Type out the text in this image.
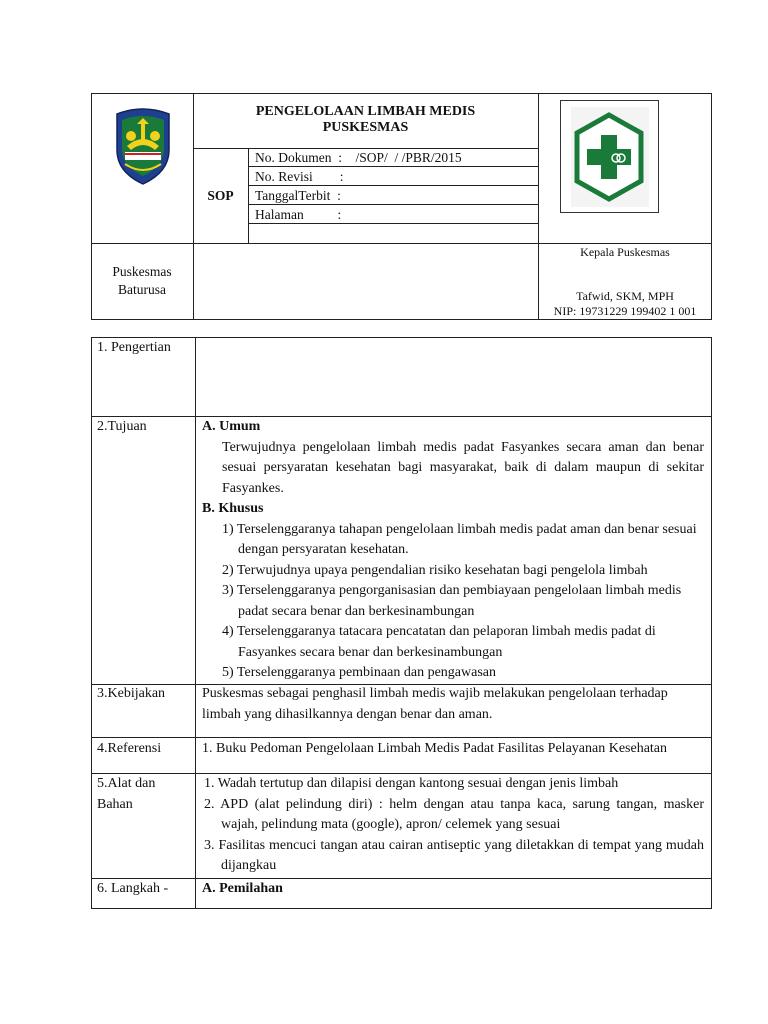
PENGELOLAAN LIMBAH MEDIS
PUSKESMAS
SOP
No. Dokumen  :    /SOP/  / /PBR/2015
No. Revisi        :
TanggalTerbit  :
Halaman          :
Puskesmas
Baturusa
Kepala Puskesmas
Tafwid, SKM, MPH
NIP: 19731229 199402 1 001
1. Pengertian
2.Tujuan
3.Kebijakan
4.Referensi
5.Alat dan
Bahan
6. Langkah -
A. Umum

Terwujudnya pengelolaan limbah medis padat Fasyankes secara aman dan benar sesuai persyaratan kesehatan bagi masyarakat, baik di dalam maupun di sekitar Fasyankes.

B. Khusus
1) Terselenggaranya tahapan pengelolaan limbah medis padat aman dan benar sesuai dengan persyaratan kesehatan.
2) Terwujudnya upaya pengendalian risiko kesehatan bagi pengelola limbah
3) Terselenggaranya pengorganisasian dan pembiayaan pengelolaan limbah medis padat secara benar dan berkesinambungan
4) Terselenggaranya tatacara pencatatan dan pelaporan limbah medis padat di Fasyankes secara benar dan berkesinambungan
5) Terselenggaranya pembinaan dan pengawasan
Puskesmas sebagai penghasil limbah medis wajib melakukan pengelolaan terhadap limbah yang dihasilkannya dengan benar dan aman.
1. Buku Pedoman Pengelolaan Limbah Medis Padat Fasilitas Pelayanan Kesehatan
1. Wadah tertutup dan dilapisi dengan kantong sesuai dengan jenis limbah
2. APD (alat pelindung diri) : helm dengan atau tanpa kaca, sarung tangan, masker wajah, pelindung mata (google), apron/ celemek yang sesuai
3. Fasilitas mencuci tangan atau cairan antiseptic yang diletakkan di tempat yang mudah dijangkau
A. Pemilahan
